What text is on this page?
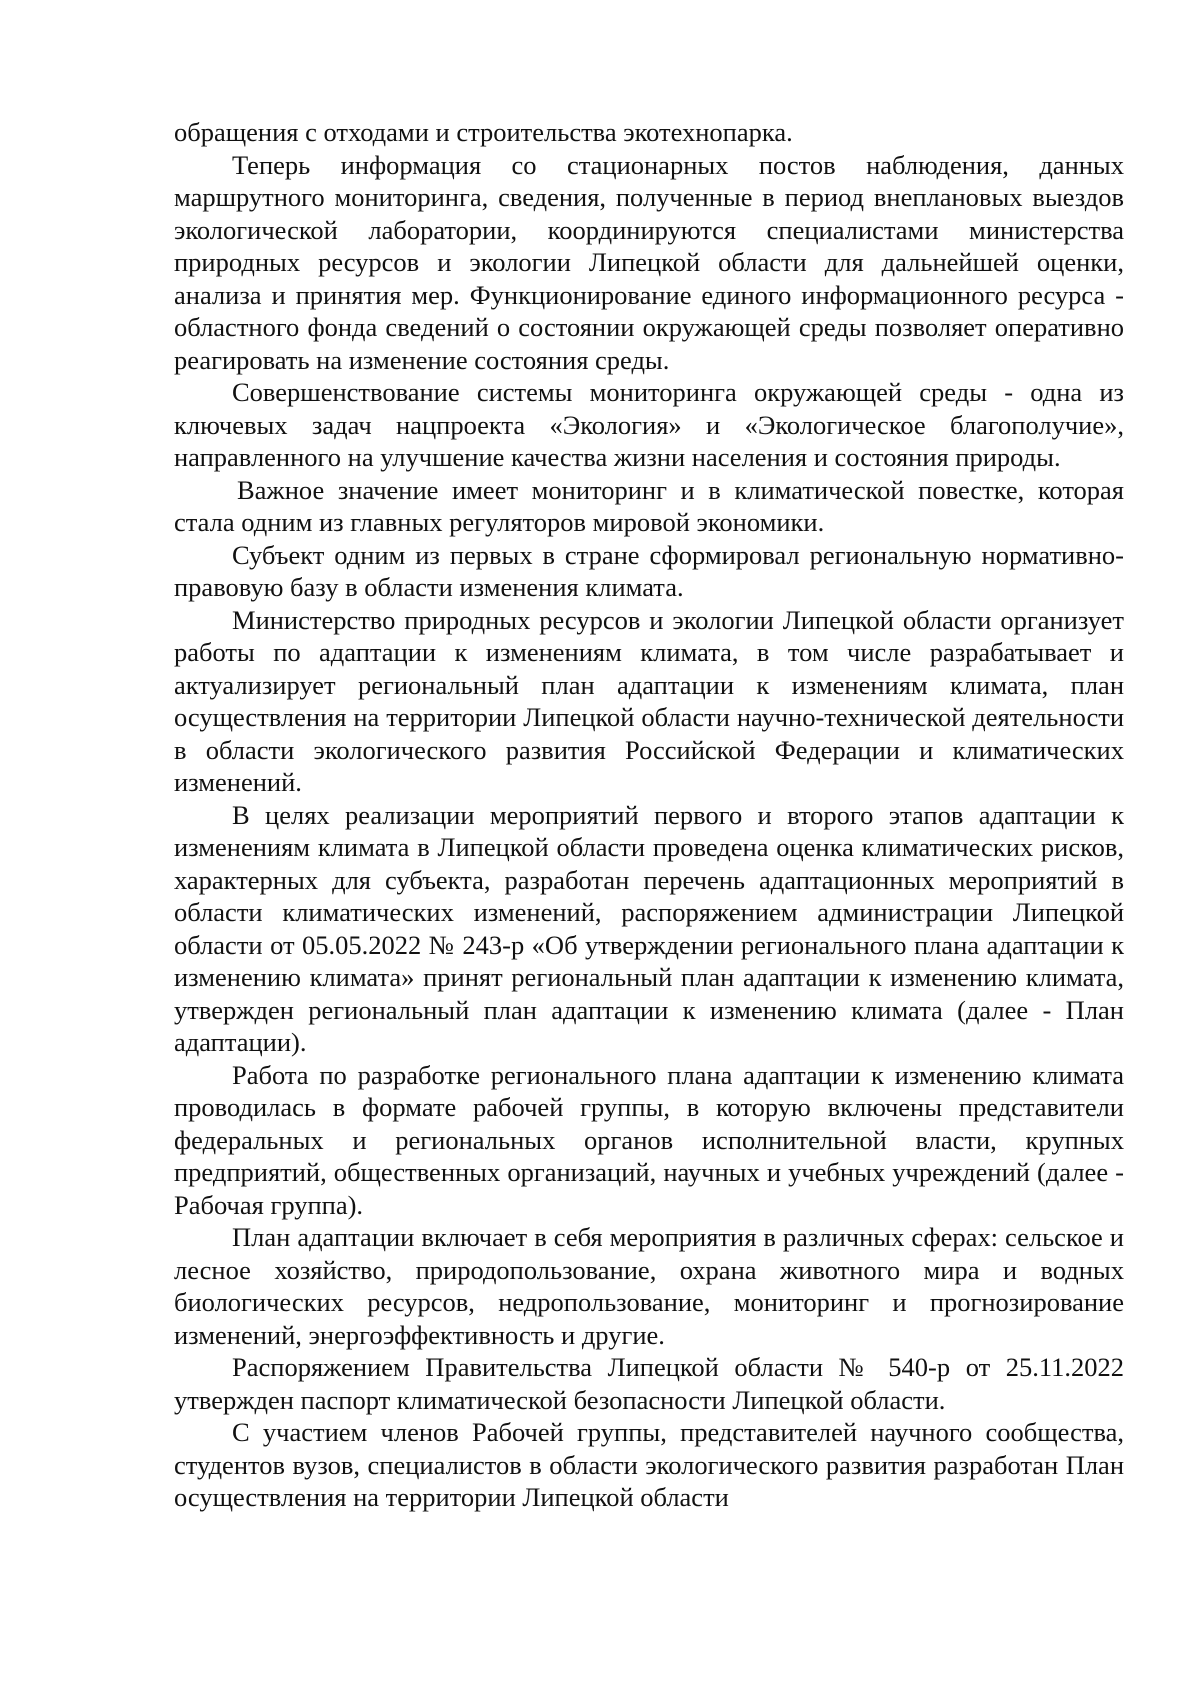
обращения с отходами и строительства экотехнопарка.

Теперь информация со стационарных постов наблюдения, данных маршрутного мониторинга, сведения, полученные в период внеплановых выездов экологической лаборатории, координируются специалистами министерства природных ресурсов и экологии Липецкой области для дальнейшей оценки, анализа и принятия мер. Функционирование единого информационного ресурса - областного фонда сведений о состоянии окружающей среды позволяет оперативно реагировать на изменение состояния среды.

Совершенствование системы мониторинга окружающей среды - одна из ключевых задач нацпроекта «Экология» и «Экологическое благополучие», направленного на улучшение качества жизни населения и состояния природы.

Важное значение имеет мониторинг и в климатической повестке, которая стала одним из главных регуляторов мировой экономики.

Субъект одним из первых в стране сформировал региональную нормативно-правовую базу в области изменения климата.

Министерство природных ресурсов и экологии Липецкой области организует работы по адаптации к изменениям климата, в том числе разрабатывает и актуализирует региональный план адаптации к изменениям климата, план осуществления на территории Липецкой области научно-технической деятельности в области экологического развития Российской Федерации и климатических изменений.

В целях реализации мероприятий первого и второго этапов адаптации к изменениям климата в Липецкой области проведена оценка климатических рисков, характерных для субъекта, разработан перечень адаптационных мероприятий в области климатических изменений, распоряжением администрации Липецкой области от 05.05.2022 № 243-р «Об утверждении регионального плана адаптации к изменению климата» принят региональный план адаптации к изменению климата, утвержден региональный план адаптации к изменению климата (далее - План адаптации).

Работа по разработке регионального плана адаптации к изменению климата проводилась в формате рабочей группы, в которую включены представители федеральных и региональных органов исполнительной власти, крупных предприятий, общественных организаций, научных и учебных учреждений (далее - Рабочая группа).

План адаптации включает в себя мероприятия в различных сферах: сельское и лесное хозяйство, природопользование, охрана животного мира и водных биологических ресурсов, недропользование, мониторинг и прогнозирование изменений, энергоэффективность и другие.

Распоряжением Правительства Липецкой области № 540-р от 25.11.2022 утвержден паспорт климатической безопасности Липецкой области.

С участием членов Рабочей группы, представителей научного сообщества, студентов вузов, специалистов в области экологического развития разработан План осуществления на территории Липецкой области
